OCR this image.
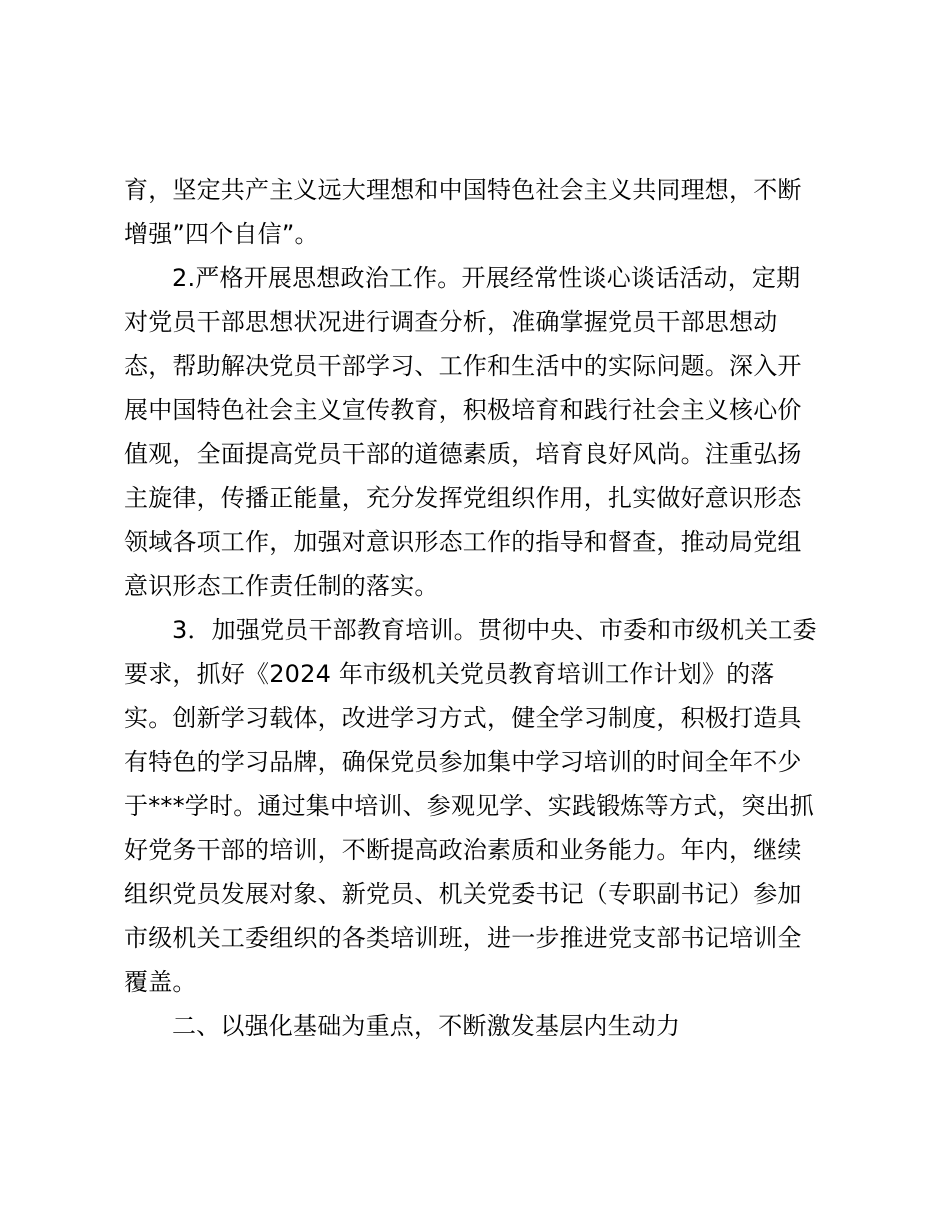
育，坚定共产主义远大理想和中国特色社会主义共同理想，不断
增强”四个自信”。
2.严格开展思想政治工作。开展经常性谈心谈话活动，定期
对党员干部思想状况进行调查分析，准确掌握党员干部思想动
态，帮助解决党员干部学习、工作和生活中的实际问题。深入开
展中国特色社会主义宣传教育，积极培育和践行社会主义核心价
值观，全面提高党员干部的道德素质，培育良好风尚。注重弘扬
主旋律，传播正能量，充分发挥党组织作用，扎实做好意识形态
领域各项工作，加强对意识形态工作的指导和督查，推动局党组
意识形态工作责任制的落实。
3．加强党员干部教育培训。贯彻中央、市委和市级机关工委
要求，抓好《2024 年市级机关党员教育培训工作计划》的落
实。创新学习载体，改进学习方式，健全学习制度，积极打造具
有特色的学习品牌，确保党员参加集中学习培训的时间全年不少
于***学时。通过集中培训、参观见学、实践锻炼等方式，突出抓
好党务干部的培训，不断提高政治素质和业务能力。年内，继续
组织党员发展对象、新党员、机关党委书记（专职副书记）参加
市级机关工委组织的各类培训班，进一步推进党支部书记培训全
覆盖。
二、以强化基础为重点，不断激发基层内生动力
